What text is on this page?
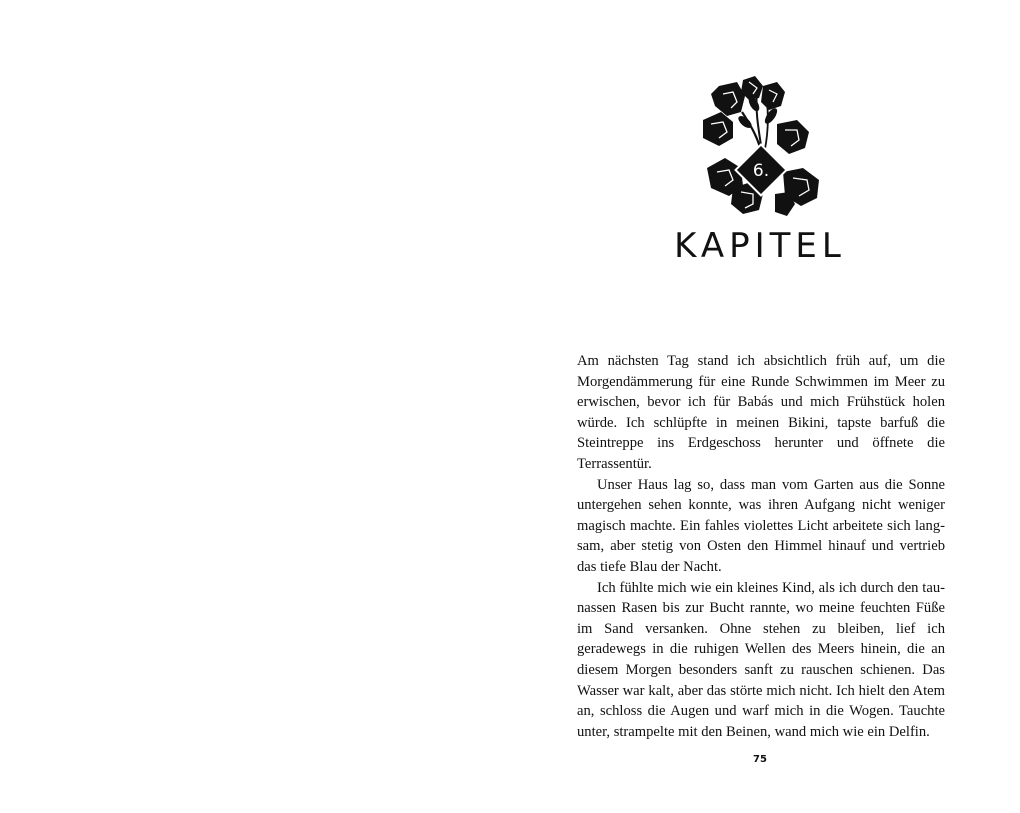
6.
KAPITEL

Am nächsten Tag stand ich absichtlich früh auf, um die Morgendämmerung für eine Runde Schwimmen im Meer zu erwischen, bevor ich für Babás und mich Frühstück holen würde. Ich schlüpfte in meinen Bikini, tapste barfuß die Steintreppe ins Erdgeschoss herunter und öffnete die Terrassentür.

Unser Haus lag so, dass man vom Garten aus die Sonne untergehen sehen konnte, was ihren Aufgang nicht weniger magisch machte. Ein fahles violettes Licht arbeitete sich langsam, aber stetig von Osten den Himmel hinauf und vertrieb das tiefe Blau der Nacht.

Ich fühlte mich wie ein kleines Kind, als ich durch den taunassen Rasen bis zur Bucht rannte, wo meine feuchten Füße im Sand versanken. Ohne stehen zu bleiben, lief ich geradewegs in die ruhigen Wellen des Meers hinein, die an diesem Morgen besonders sanft zu rauschen schienen. Das Wasser war kalt, aber das störte mich nicht. Ich hielt den Atem an, schloss die Augen und warf mich in die Wogen. Tauchte unter, strampelte mit den Beinen, wand mich wie ein Delfin.

75
